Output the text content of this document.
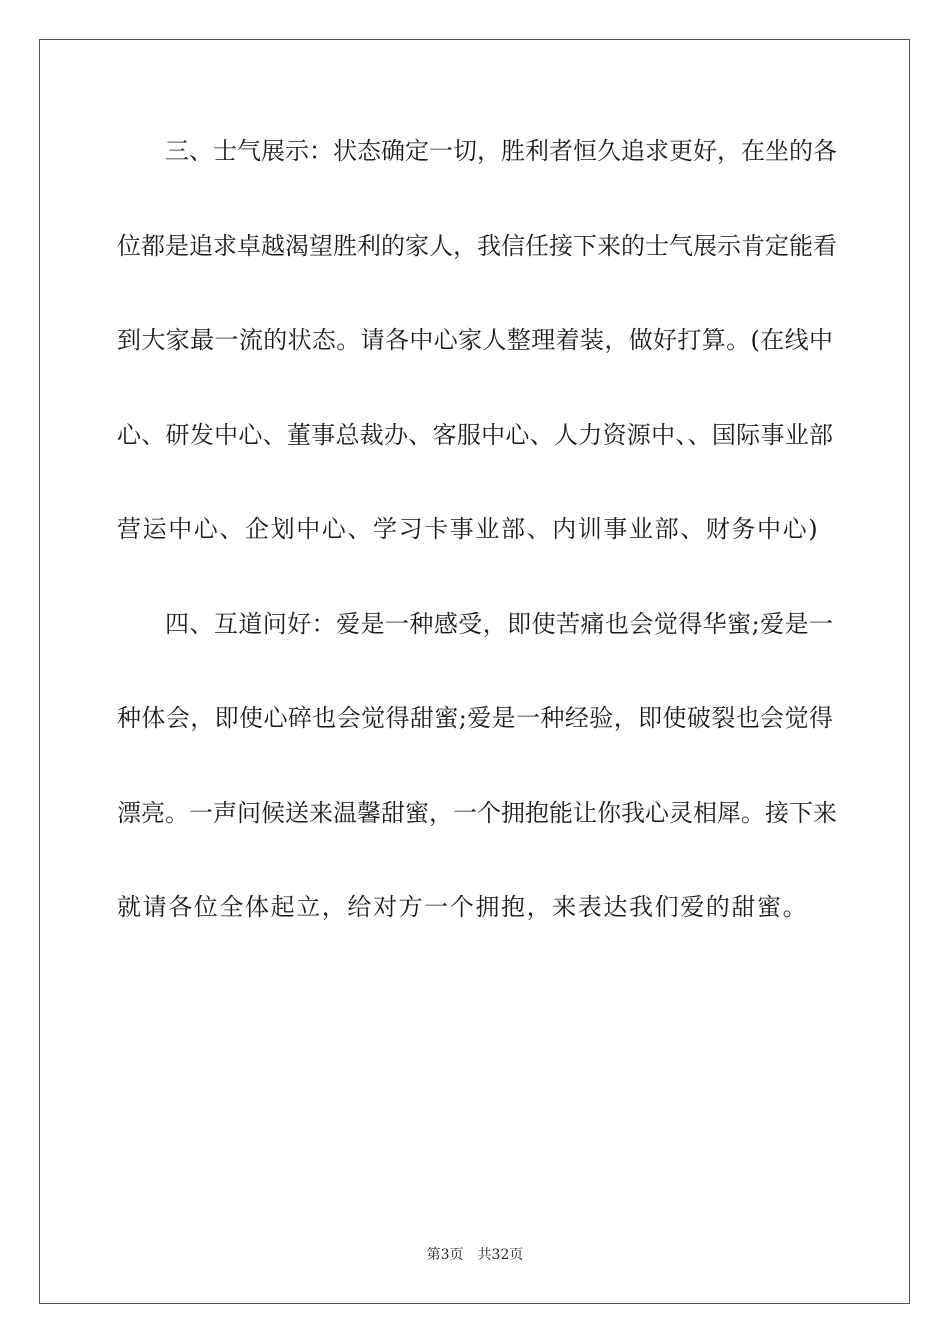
三、士气展示：状态确定一切，胜利者恒久追求更好，在坐的各
位都是追求卓越渴望胜利的家人，我信任接下来的士气展示肯定能看
到大家最一流的状态。请各中心家人整理着装，做好打算。(在线中
心、研发中心、董事总裁办、客服中心、人力资源中、、国际事业部
营运中心、企划中心、学习卡事业部、内训事业部、财务中心)
四、互道问好：爱是一种感受，即使苦痛也会觉得华蜜;爱是一
种体会，即使心碎也会觉得甜蜜;爱是一种经验，即使破裂也会觉得
漂亮。一声问候送来温馨甜蜜，一个拥抱能让你我心灵相犀。接下来
就请各位全体起立，给对方一个拥抱，来表达我们爱的甜蜜。
第3页 共32页
